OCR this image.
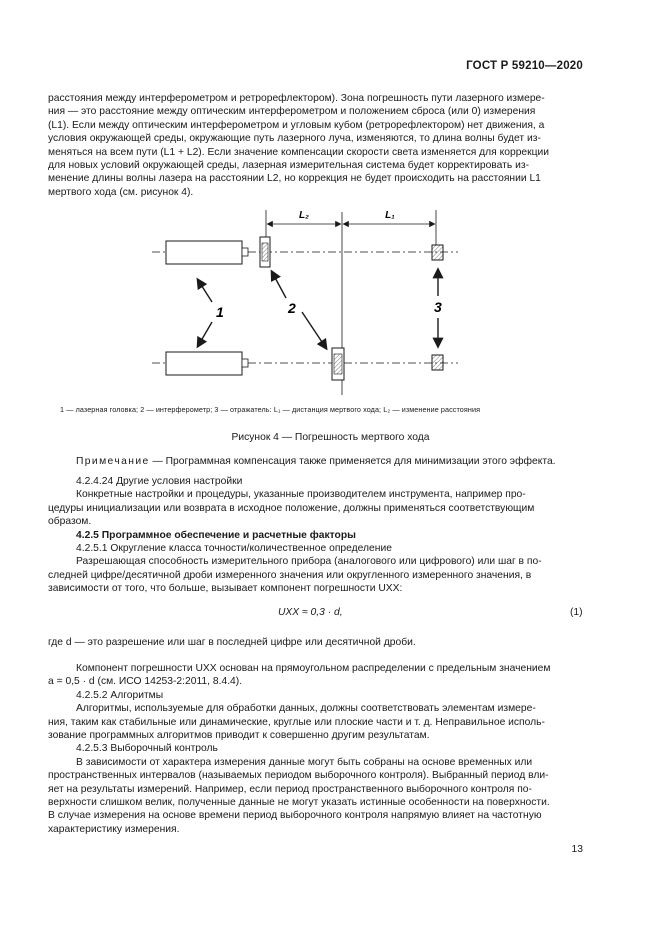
ГОСТ Р 59210—2020
расстояния между интерферометром и ретрорефлектором). Зона погрешность пути лазерного измере-
ния — это расстояние между оптическим интерферометром и положением сброса (или 0) измерения
(L1). Если между оптическим интерферометром и угловым кубом (ретрорефлектором) нет движения, а
условия окружающей среды, окружающие путь лазерного луча, изменяются, то длина волны будет из-
меняться на всем пути (L1 + L2). Если значение компенсации скорости света изменяется для коррекции
для новых условий окружающей среды, лазерная измерительная система будет корректировать из-
менение длины волны лазера на расстоянии L2, но коррекция не будет происходить на расстоянии L1
мертвого хода (см. рисунок 4).
L₂	L₁
1	2	3
1 — лазерная головка; 2 — интерферометр; 3 — отражатель: L₁ — дистанция мертвого хода; L₂ — изменение расстояния
Рисунок 4 — Погрешность мертвого хода
Примечание — Программная компенсация также применяется для минимизации этого эффекта.
4.2.4.24 Другие условия настройки
Конкретные настройки и процедуры, указанные производителем инструмента, например про-
цедуры инициализации или возврата в исходное положение, должны применяться соответствующим
образом.
4.2.5 Программное обеспечение и расчетные факторы
4.2.5.1 Округление класса точности/количественное определение
Разрешающая способность измерительного прибора (аналогового или цифрового) или шаг в по-
следней цифре/десятичной дроби измеренного значения или округленного измеренного значения, в
зависимости от того, что больше, вызывает компонент погрешности UXX:
UXX ≈ 0,3 · d,	(1)
где d — это разрешение или шаг в последней цифре или десятичной дроби.
Компонент погрешности UXX основан на прямоугольном распределении с предельным значением
a = 0,5 · d (см. ИСО 14253-2:2011, 8.4.4).
4.2.5.2 Алгоритмы
Алгоритмы, используемые для обработки данных, должны соответствовать элементам измере-
ния, таким как стабильные или динамические, круглые или плоские части и т. д. Неправильное исполь-
зование программных алгоритмов приводит к совершенно другим результатам.
4.2.5.3 Выборочный контроль
В зависимости от характера измерения данные могут быть собраны на основе временных или
пространственных интервалов (называемых периодом выборочного контроля). Выбранный период вли-
яет на результаты измерений. Например, если период пространственного выборочного контроля по-
верхности слишком велик, полученные данные не могут указать истинные особенности на поверхности.
В случае измерения на основе времени период выборочного контроля напрямую влияет на частотную
характеристику измерения.
13
